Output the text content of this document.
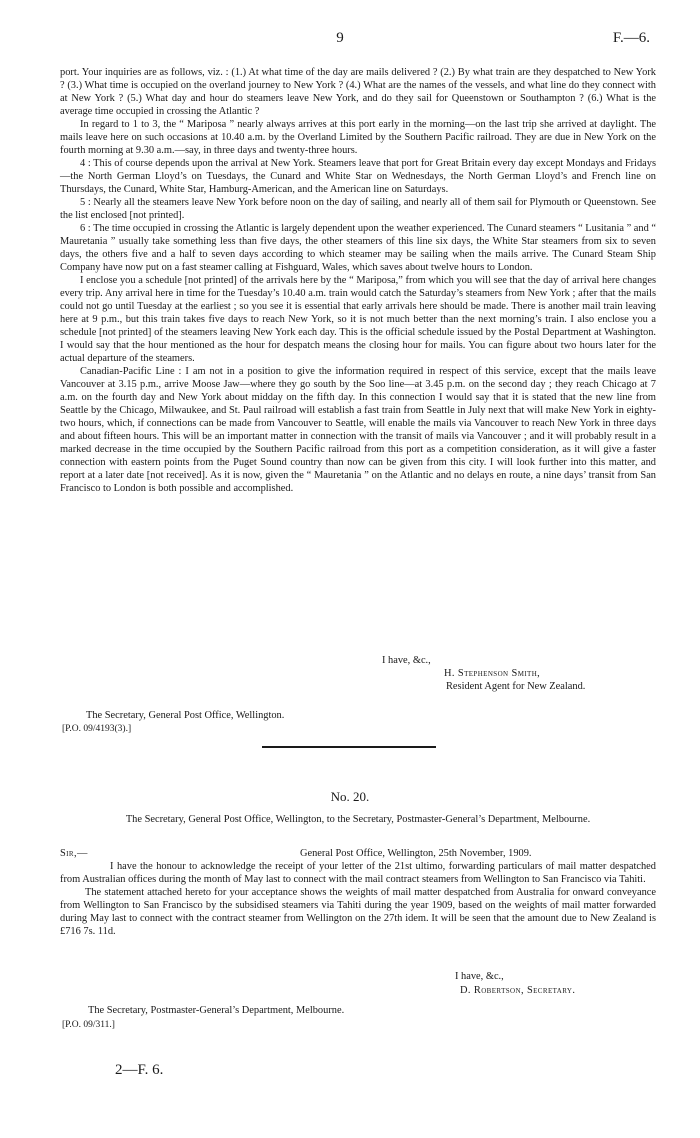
9	F.—6.

port. Your inquiries are as follows, viz. : (1.) At what time of the day are mails delivered ? (2.) By what train are they despatched to New York ? (3.) What time is occupied on the overland journey to New York ? (4.) What are the names of the vessels, and what line do they connect with at New York ? (5.) What day and hour do steamers leave New York, and do they sail for Queenstown or Southampton ? (6.) What is the average time occupied in crossing the Atlantic ?

In regard to 1 to 3, the “ Mariposa ” nearly always arrives at this port early in the morning—on the last trip she arrived at daylight. The mails leave here on such occasions at 10.40 a.m. by the Overland Limited by the Southern Pacific railroad. They are due in New York on the fourth morning at 9.30 a.m.—say, in three days and twenty-three hours.

4 : This of course depends upon the arrival at New York. Steamers leave that port for Great Britain every day except Mondays and Fridays—the North German Lloyd’s on Tuesdays, the Cunard and White Star on Wednesdays, the North German Lloyd’s and French line on Thursdays, the Cunard, White Star, Hamburg-American, and the American line on Saturdays.

5 : Nearly all the steamers leave New York before noon on the day of sailing, and nearly all of them sail for Plymouth or Queenstown. See the list enclosed [not printed].

6 : The time occupied in crossing the Atlantic is largely dependent upon the weather experienced. The Cunard steamers “ Lusitania ” and “ Mauretania ” usually take something less than five days, the other steamers of this line six days, the White Star steamers from six to seven days, the others five and a half to seven days according to which steamer may be sailing when the mails arrive. The Cunard Steam Ship Company have now put on a fast steamer calling at Fishguard, Wales, which saves about twelve hours to London.

I enclose you a schedule [not printed] of the arrivals here by the “ Mariposa,” from which you will see that the day of arrival here changes every trip. Any arrival here in time for the Tuesday’s 10.40 a.m. train would catch the Saturday’s steamers from New York ; after that the mails could not go until Tuesday at the earliest ; so you see it is essential that early arrivals here should be made. There is another mail train leaving here at 9 p.m., but this train takes five days to reach New York, so it is not much better than the next morning’s train. I also enclose you a schedule [not printed] of the steamers leaving New York each day. This is the official schedule issued by the Postal Department at Washington. I would say that the hour mentioned as the hour for despatch means the closing hour for mails. You can figure about two hours later for the actual departure of the steamers.

Canadian-Pacific Line : I am not in a position to give the information required in respect of this service, except that the mails leave Vancouver at 3.15 p.m., arrive Moose Jaw—where they go south by the Soo line—at 3.45 p.m. on the second day ; they reach Chicago at 7 a.m. on the fourth day and New York about midday on the fifth day. In this connection I would say that it is stated that the new line from Seattle by the Chicago, Milwaukee, and St. Paul railroad will establish a fast train from Seattle in July next that will make New York in eighty-two hours, which, if connections can be made from Vancouver to Seattle, will enable the mails via Vancouver to reach New York in three days and about fifteen hours. This will be an important matter in connection with the transit of mails via Vancouver ; and it will probably result in a marked decrease in the time occupied by the Southern Pacific railroad from this port as a competition consideration, as it will give a faster connection with eastern points from the Puget Sound country than now can be given from this city. I will look further into this matter, and report at a later date [not received]. As it is now, given the “ Mauretania ” on the Atlantic and no delays en route, a nine days’ transit from San Francisco to London is both possible and accomplished.

I have, &c.,
H. Stephenson Smith,
Resident Agent for New Zealand.
The Secretary, General Post Office, Wellington.
[P.O. 09/4193(3).]
No. 20.
The Secretary, General Post Office, Wellington, to the Secretary, Postmaster-General’s Department, Melbourne.
Sir,—	General Post Office, Wellington, 25th November, 1909.

I have the honour to acknowledge the receipt of your letter of the 21st ultimo, forwarding particulars of mail matter despatched from Australian offices during the month of May last to connect with the mail contract steamers from Wellington to San Francisco via Tahiti.

The statement attached hereto for your acceptance shows the weights of mail matter despatched from Australia for onward conveyance from Wellington to San Francisco by the subsidised steamers via Tahiti during the year 1909, based on the weights of mail matter forwarded during May last to connect with the contract steamer from Wellington on the 27th idem. It will be seen that the amount due to New Zealand is £716 7s. 11d.

I have, &c.,
D. Robertson, Secretary.
The Secretary, Postmaster-General’s Department, Melbourne.
[P.O. 09/311.]
2—F. 6.
